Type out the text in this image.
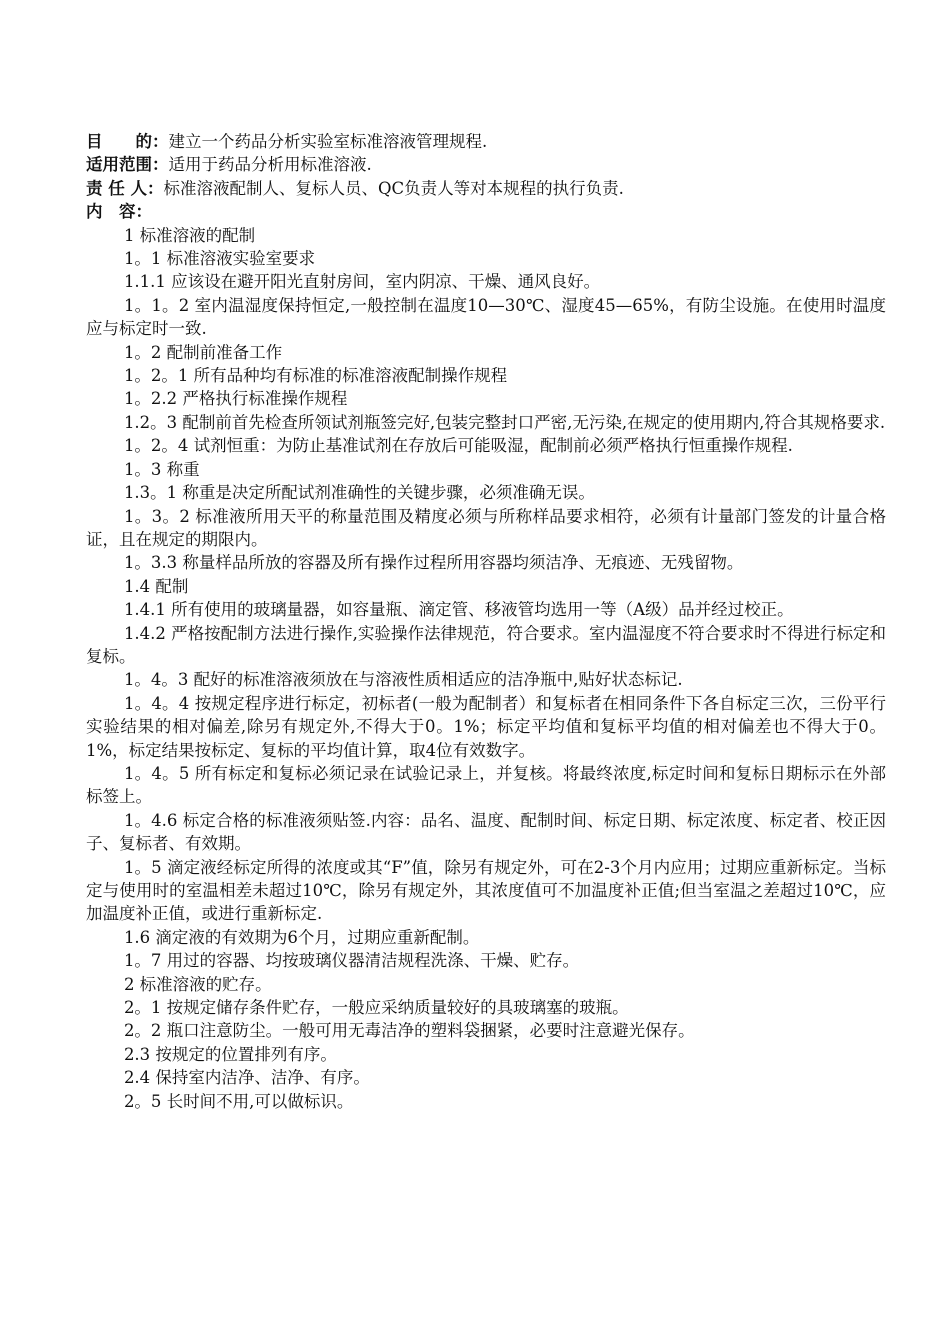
目　　的：建立一个药品分析实验室标准溶液管理规程.
适用范围：适用于药品分析用标准溶液.
责 任 人：标准溶液配制人、复标人员、QC负责人等对本规程的执行负责.
内　容：

1 标准溶液的配制

1。1 标准溶液实验室要求

1.1.1 应该设在避开阳光直射房间，室内阴凉、干燥、通风良好。

1。1。2 室内温湿度保持恒定,一般控制在温度10—30℃、湿度45—65%，有防尘设施。在使用时温度应与标定时一致.

1。2 配制前准备工作

1。2。1 所有品种均有标准的标准溶液配制操作规程

1。2.2 严格执行标准操作规程

1.2。3 配制前首先检查所领试剂瓶签完好,包装完整封口严密,无污染,在规定的使用期内,符合其规格要求.

1。2。4 试剂恒重：为防止基准试剂在存放后可能吸湿，配制前必须严格执行恒重操作规程.

1。3 称重

1.3。1 称重是决定所配试剂准确性的关键步骤，必须准确无误。

1。3。2 标准液所用天平的称量范围及精度必须与所称样品要求相符，必须有计量部门签发的计量合格证，且在规定的期限内。

1。3.3 称量样品所放的容器及所有操作过程所用容器均须洁净、无痕迹、无残留物。

1.4 配制

1.4.1 所有使用的玻璃量器，如容量瓶、滴定管、移液管均选用一等（A级）品并经过校正。

1.4.2 严格按配制方法进行操作,实验操作法律规范，符合要求。室内温湿度不符合要求时不得进行标定和复标。

1。4。3 配好的标准溶液须放在与溶液性质相适应的洁净瓶中,贴好状态标记.

1。4。4 按规定程序进行标定，初标者(一般为配制者）和复标者在相同条件下各自标定三次，三份平行实验结果的相对偏差,除另有规定外,不得大于0。1%；标定平均值和复标平均值的相对偏差也不得大于0。1%，标定结果按标定、复标的平均值计算，取4位有效数字。

1。4。5 所有标定和复标必须记录在试验记录上，并复核。将最终浓度,标定时间和复标日期标示在外部标签上。

1。4.6 标定合格的标准液须贴签.内容：品名、温度、配制时间、标定日期、标定浓度、标定者、校正因子、复标者、有效期。

1。5 滴定液经标定所得的浓度或其“F”值，除另有规定外，可在2-3个月内应用；过期应重新标定。当标定与使用时的室温相差未超过10℃，除另有规定外，其浓度值可不加温度补正值;但当室温之差超过10℃，应加温度补正值，或进行重新标定.

1.6 滴定液的有效期为6个月，过期应重新配制。

1。7 用过的容器、均按玻璃仪器清洁规程洗涤、干燥、贮存。

2 标准溶液的贮存。

2。1 按规定储存条件贮存，一般应采纳质量较好的具玻璃塞的玻瓶。

2。2 瓶口注意防尘。一般可用无毒洁净的塑料袋捆紧，必要时注意避光保存。

2.3 按规定的位置排列有序。

2.4 保持室内洁净、洁净、有序。

2。5 长时间不用,可以做标识。
